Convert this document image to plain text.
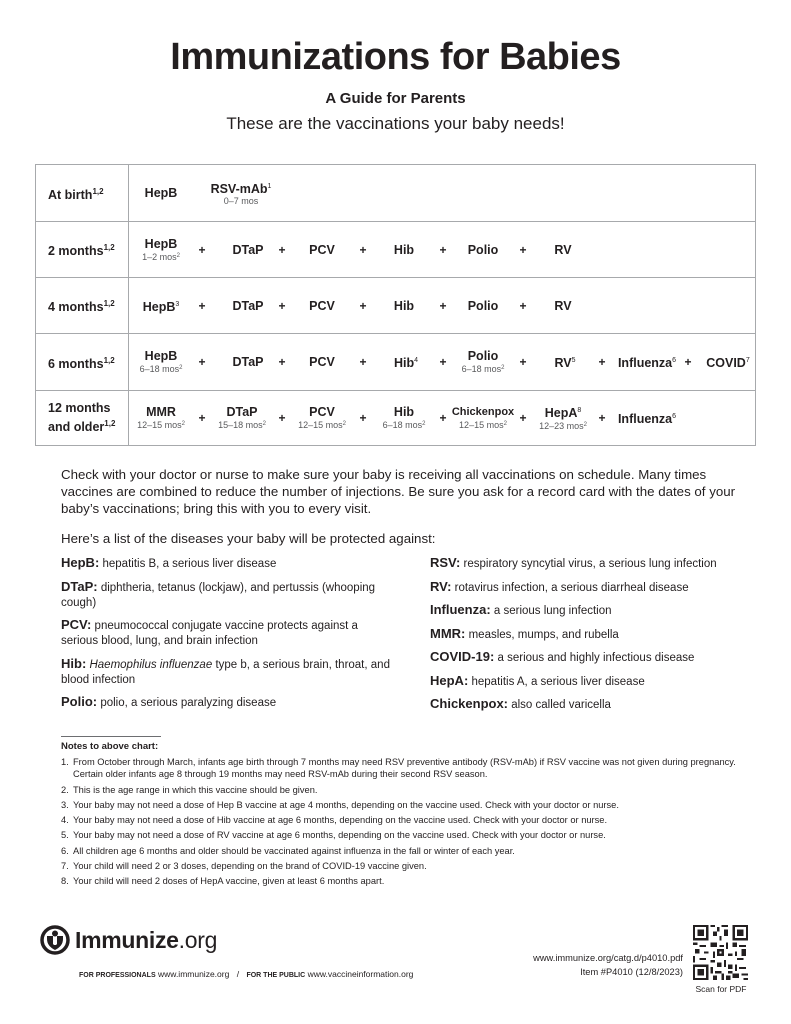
Immunizations for Babies
A Guide for Parents
These are the vaccinations your baby needs!
At birth$^{1,2}$	HepB	RSV-mAb$^1$
0–7 mos
2 months$^{1,2}$ HepB
1–2 mos$^2$ + DTaP + PCV + Hib + Polio + RV
4 months$^{1,2}$ HepB$^3$ + DTaP + PCV + Hib + Polio + RV
6 months$^{1,2}$ HepB
6–18 mos$^2$ + DTaP + PCV + Hib$^4$ + Polio
6–18 $mos^2 + RV^5$ + Influenza$^6$ + $COVID^7$
12 months
and older$^{1,2}$
MMR
12–15 mos$^2$ + DTaP
15–18 mos$^2$ + PCV
12–15 mos$^2$ + Hib
6–18 mos$^2$ + Chickenpox
12–15 mos$^2$ + HepA$^8$
12–23 mos$^2$ + Influenza$^6$

Check with your doctor or nurse to make sure your baby is receiving all vaccinations on schedule. Many times vaccines are combined to reduce the number of injections. Be sure you ask for a record card with the dates of your baby’s vaccinations; bring this with you to every visit.

Here’s a list of the diseases your baby will be protected against:

HepB: hepatitis B, a serious liver disease
DTaP: diphtheria, tetanus (lockjaw), and pertussis (whooping cough)
PCV: pneumococcal conjugate vaccine protects against a serious blood, lung, and brain infection
Hib: Haemophilus influenzae type b, a serious brain, throat, and blood infection
Polio: polio, a serious paralyzing disease
RSV: respiratory syncytial virus, a serious lung infection
RV: rotavirus infection, a serious diarrheal disease
Influenza: a serious lung infection
MMR: measles, mumps, and rubella
COVID-19: a serious and highly infectious disease
HepA: hepatitis A, a serious liver disease
Chickenpox: also called varicella
Notes to above chart:
1. From October through March, infants age birth through 7 months may need RSV preventive antibody (RSV-mAb) if RSV vaccine was not given during pregnancy. Certain older infants age 8 through 19 months may need RSV-mAb during their second RSV season.
2. This is the age range in which this vaccine should be given.
3. Your baby may not need a dose of Hep B vaccine at age 4 months, depending on the vaccine used. Check with your doctor or nurse.
4. Your baby may not need a dose of Hib vaccine at age 6 months, depending on the vaccine used. Check with your doctor or nurse.
5. Your baby may not need a dose of RV vaccine at age 6 months, depending on the vaccine used. Check with your doctor or nurse.
6. All children age 6 months and older should be vaccinated against influenza in the fall or winter of each year.
7. Your child will need 2 or 3 doses, depending on the brand of COVID-19 vaccine given.
8. Your child will need 2 doses of HepA vaccine, given at least 6 months apart.
Immunize.org
FOR PROFESSIONALS www.immunize.org / FOR THE PUBLIC www.vaccineinformation.org
www.immunize.org/catg.d/p4010.pdf
Item #P4010 (12/8/2023)
Scan for PDF
